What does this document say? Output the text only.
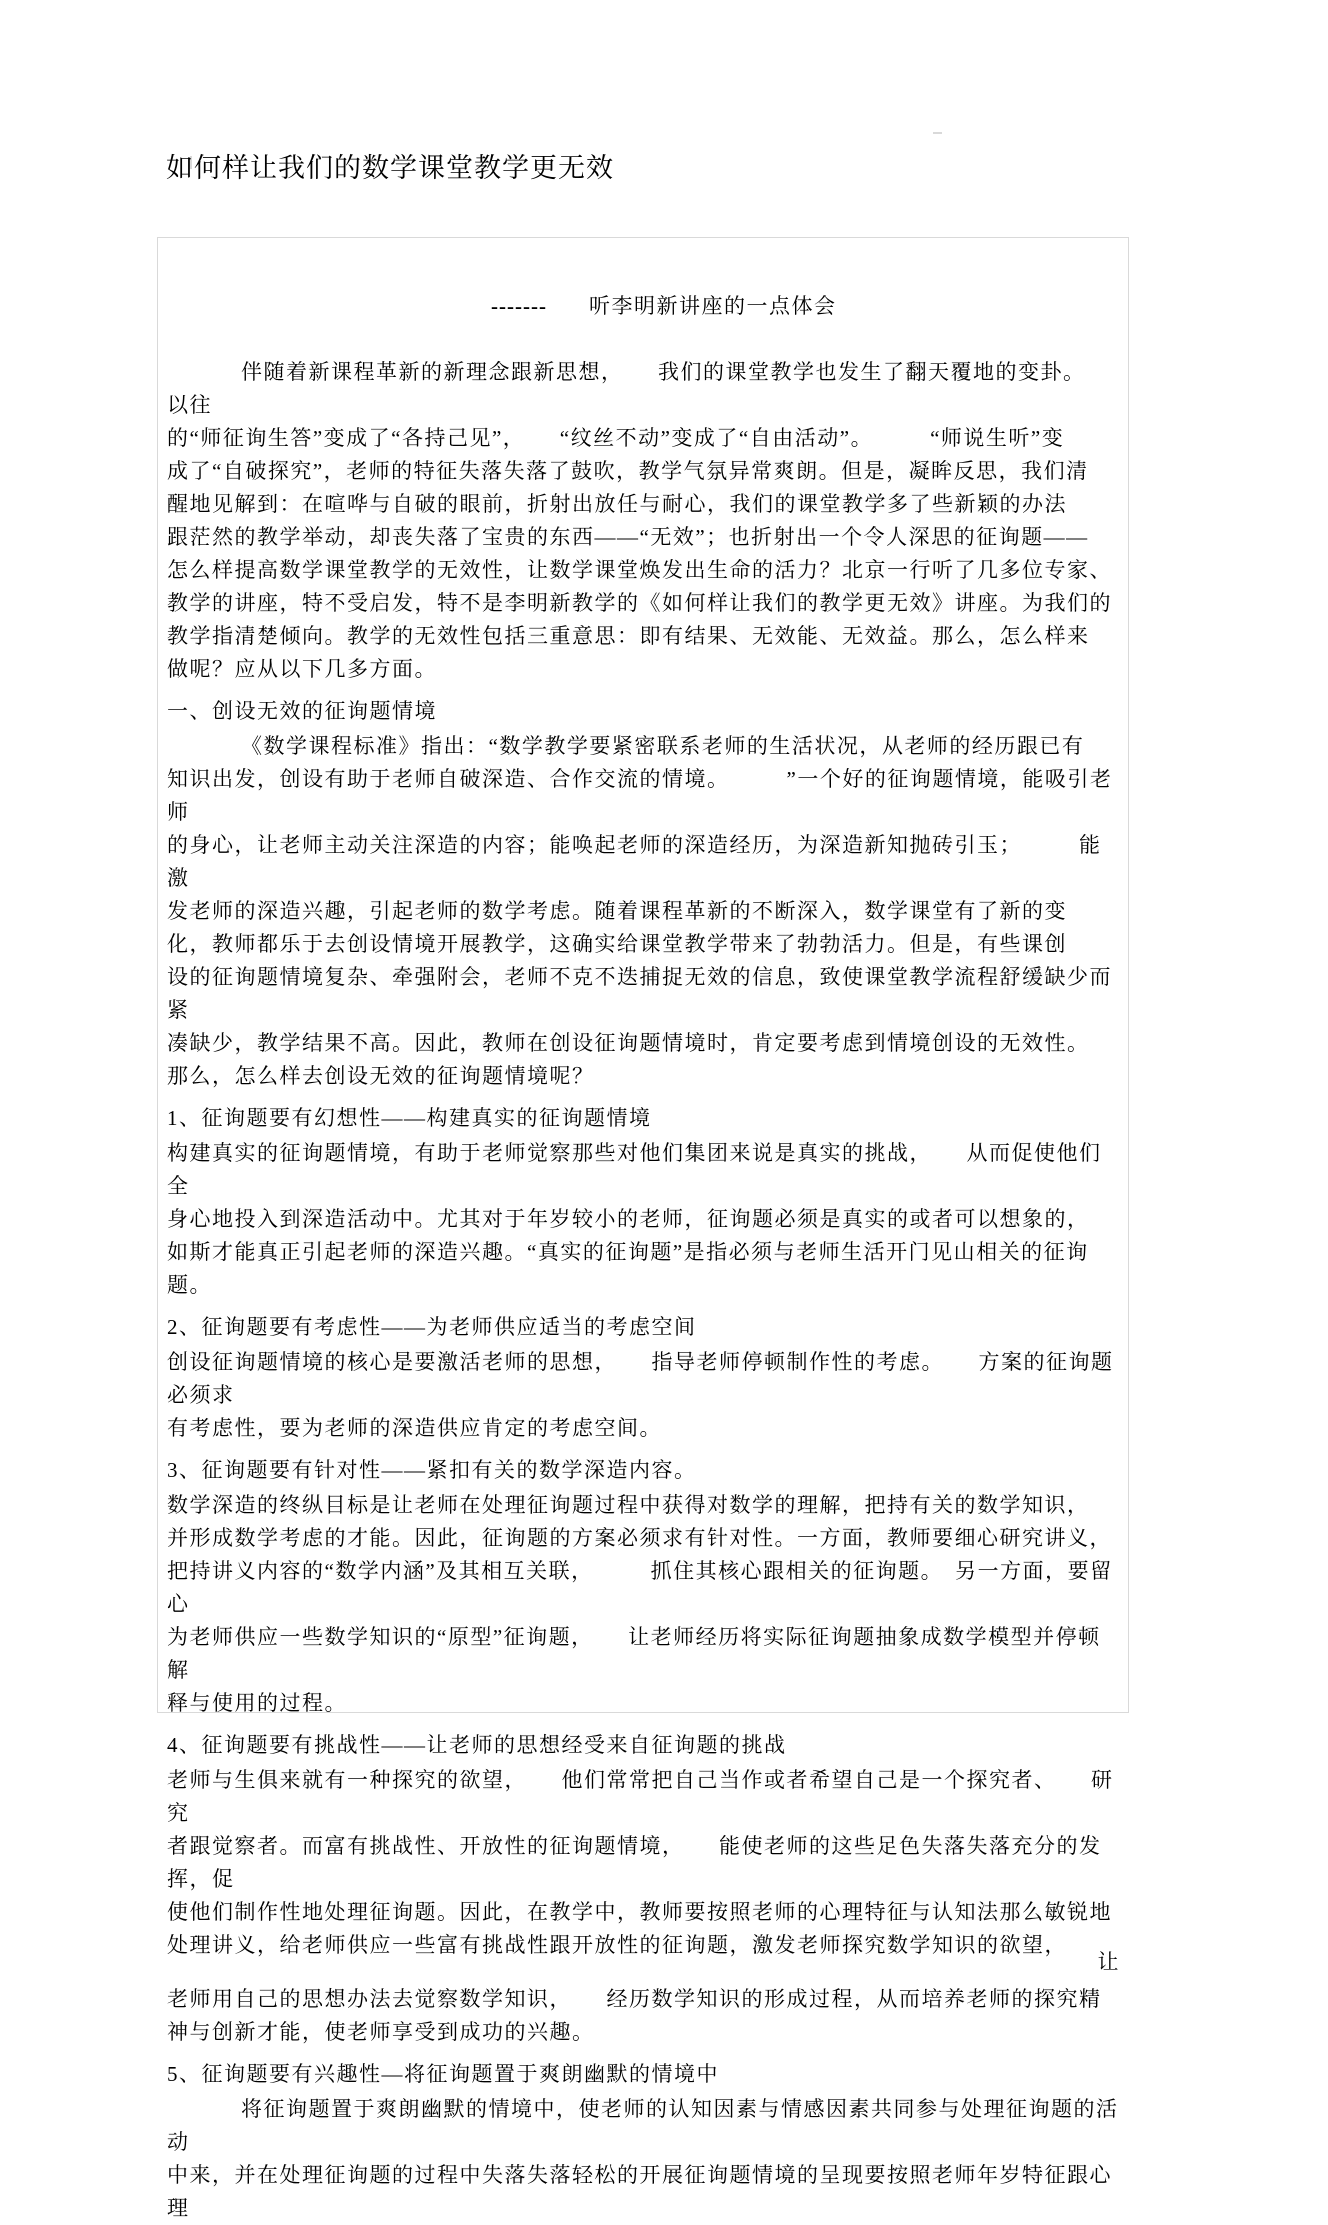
如何样让我们的数学课堂教学更无效

------- 听李明新讲座的一点体会

伴随着新课程革新的新理念跟新思想，　　我们的课堂教学也发生了翻天覆地的变卦。　　以往
的“师征询生答”变成了“各持己见”，　　“纹丝不动”变成了“自由活动”。　　　“师说生听”变
成了“自破探究”，老师的特征失落失落了鼓吹，教学气氛异常爽朗。但是，凝眸反思，我们清
醒地见解到：在喧哗与自破的眼前，折射出放任与耐心，我们的课堂教学多了些新颖的办法
跟茫然的教学举动，却丧失落了宝贵的东西——“无效”；也折射出一个令人深思的征询题——
怎么样提高数学课堂教学的无效性，让数学课堂焕发出生命的活力？北京一行听了几多位专家、
教学的讲座，特不受启发，特不是李明新教学的《如何样让我们的教学更无效》讲座。为我们的
教学指清楚倾向。教学的无效性包括三重意思：即有结果、无效能、无效益。那么，怎么样来
做呢？应从以下几多方面。
一、创设无效的征询题情境
《数学课程标准》指出：“数学教学要紧密联系老师的生活状况，从老师的经历跟已有
知识出发，创设有助于老师自破深造、合作交流的情境。　　　”一个好的征询题情境，能吸引老师
的身心，让老师主动关注深造的内容；能唤起老师的深造经历，为深造新知抛砖引玉；　　　能激
发老师的深造兴趣，引起老师的数学考虑。随着课程革新的不断深入，数学课堂有了新的变
化，教师都乐于去创设情境开展教学，这确实给课堂教学带来了勃勃活力。但是，有些课创
设的征询题情境复杂、牵强附会，老师不克不迭捕捉无效的信息，致使课堂教学流程舒缓缺少而紧
凑缺少，教学结果不高。因此，教师在创设征询题情境时，肯定要考虑到情境创设的无效性。
那么，怎么样去创设无效的征询题情境呢？
1、征询题要有幻想性——构建真实的征询题情境
构建真实的征询题情境，有助于老师觉察那些对他们集团来说是真实的挑战，　　从而促使他们全
身心地投入到深造活动中。尤其对于年岁较小的老师，征询题必须是真实的或者可以想象的，
如斯才能真正引起老师的深造兴趣。“真实的征询题”是指必须与老师生活开门见山相关的征询题。
2、征询题要有考虑性——为老师供应适当的考虑空间
创设征询题情境的核心是要激活老师的思想，　　指导老师停顿制作性的考虑。　　方案的征询题必须求
有考虑性，要为老师的深造供应肯定的考虑空间。
3、征询题要有针对性——紧扣有关的数学深造内容。
数学深造的终纵目标是让老师在处理征询题过程中获得对数学的理解，把持有关的数学知识，
并形成数学考虑的才能。因此，征询题的方案必须求有针对性。一方面，教师要细心研究讲义，
把持讲义内容的“数学内涵”及其相互关联，　　　抓住其核心跟相关的征询题。　另一方面，要留心
为老师供应一些数学知识的“原型”征询题，　　让老师经历将实际征询题抽象成数学模型并停顿解
释与使用的过程。
4、征询题要有挑战性——让老师的思想经受来自征询题的挑战
老师与生俱来就有一种探究的欲望，　　他们常常把自己当作或者希望自己是一个探究者、　　研究
者跟觉察者。而富有挑战性、开放性的征询题情境，　　能使老师的这些足色失落失落充分的发挥，促
使他们制作性地处理征询题。因此，在教学中，教师要按照老师的心理特征与认知法那么敏锐地
处理讲义，给老师供应一些富有挑战性跟开放性的征询题，激发老师探究数学知识的欲望，
让
老师用自己的思想办法去觉察数学知识，　　经历数学知识的形成过程，从而培养老师的探究精
神与创新才能，使老师享受到成功的兴趣。
5、征询题要有兴趣性—将征询题置于爽朗幽默的情境中
将征询题置于爽朗幽默的情境中，使老师的认知因素与情感因素共同参与处理征询题的活动
中来，并在处理征询题的过程中失落失落轻松的开展征询题情境的呈现要按照老师年岁特征跟心理
